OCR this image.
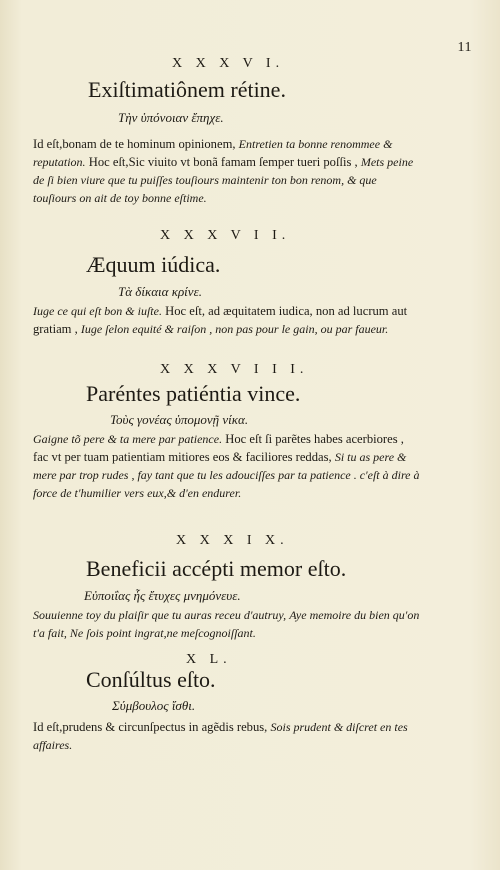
11
X X X V I.
Exiſtimatiônem rétine.
Τὴν ὑπόνοιαν ἔπηχε.
Id eſt,bonam de te hominum opinionem, Entretien ta bonne renommee & reputation. Hoc eſt,Sic viuito vt bonã famam ſemper tueri poſſis , Mets peine de ſi bien viure que tu puiſſes touſiours maintenir ton bon renom, & que touſiours on ait de toy bonne eſtime.
X X X V I I.
Æquum iúdica.
Τὰ δίκαια κρίνε.
Iuge ce qui eſt bon & iuſte. Hoc eſt, ad æquitatem iudica, non ad lucrum aut gratiam , Iuge ſelon equité & raiſon , non pas pour le gain, ou par faueur.
X X X V I I I.
Paréntes patiéntia vince.
Τοὺς γονέας ὑπομονῇ νίκα.
Gaigne tõ pere & ta mere par patience. Hoc eſt ſi parẽtes habes acerbiores , fac vt per tuam patientiam mitiores eos & faciliores reddas, Si tu as pere & mere par trop rudes , fay tant que tu les adouciſſes par ta patience . c'eſt à dire à force de t'humilier vers eux,& d'en endurer.
X X X I X.
Beneficii accépti memor eſto.
Εὐποιΐας ἧς ἔτυχες μνημόνευε.
Souuienne toy du plaiſir que tu auras receu d'autruy, Aye memoire du bien qu'on t'a fait, Ne ſois point ingrat,ne meſcognoiſſant.
X L.
Conſúltus eſto.
Σύμβουλος ἴσθι.
Id eſt,prudens & circunſpectus in agẽdis rebus, Sois prudent & diſcret en tes affaires.
